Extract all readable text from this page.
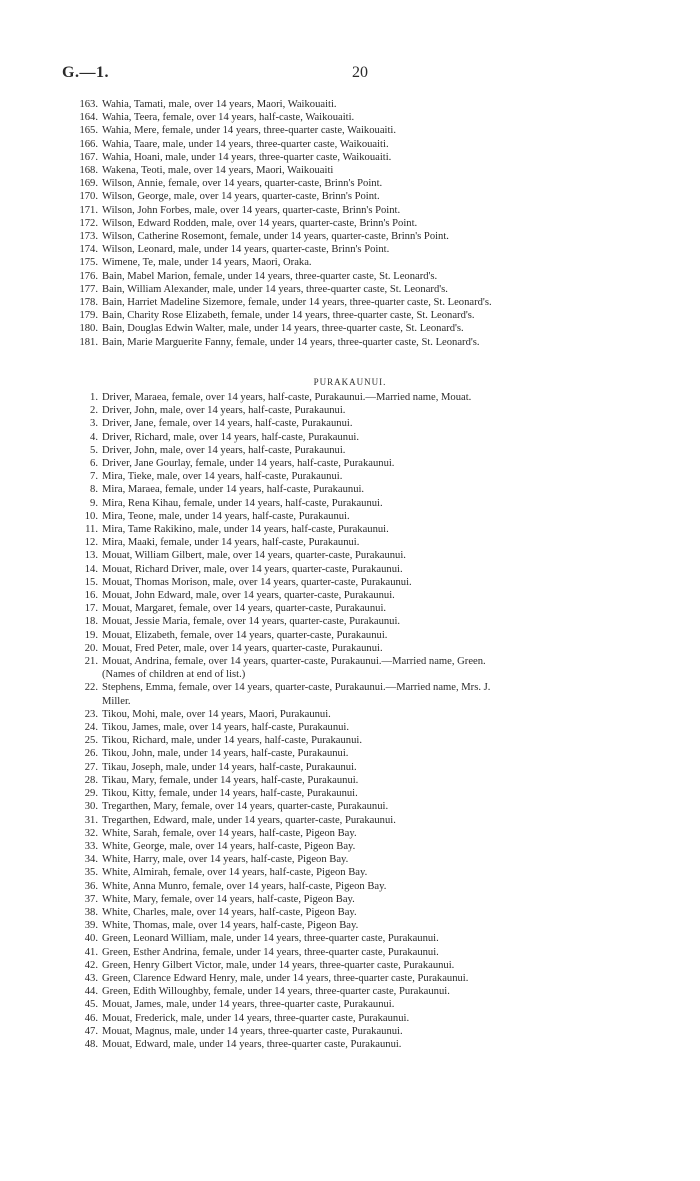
G.—1.	20
163. Wahia, Tamati, male, over 14 years, Maori, Waikouaiti.
164. Wahia, Teera, female, over 14 years, half-caste, Waikouaiti.
165. Wahia, Mere, female, under 14 years, three-quarter caste, Waikouaiti.
166. Wahia, Taare, male, under 14 years, three-quarter caste, Waikouaiti.
167. Wahia, Hoani, male, under 14 years, three-quarter caste, Waikouaiti.
168. Wakena, Teoti, male, over 14 years, Maori, Waikouaiti
169. Wilson, Annie, female, over 14 years, quarter-caste, Brinn's Point.
170. Wilson, George, male, over 14 years, quarter-caste, Brinn's Point.
171. Wilson, John Forbes, male, over 14 years, quarter-caste, Brinn's Point.
172. Wilson, Edward Rodden, male, over 14 years, quarter-caste, Brinn's Point.
173. Wilson, Catherine Rosemont, female, under 14 years, quarter-caste, Brinn's Point.
174. Wilson, Leonard, male, under 14 years, quarter-caste, Brinn's Point.
175. Wimene, Te, male, under 14 years, Maori, Oraka.
176. Bain, Mabel Marion, female, under 14 years, three-quarter caste, St. Leonard's.
177. Bain, William Alexander, male, under 14 years, three-quarter caste, St. Leonard's.
178. Bain, Harriet Madeline Sizemore, female, under 14 years, three-quarter caste, St. Leonard's.
179. Bain, Charity Rose Elizabeth, female, under 14 years, three-quarter caste, St. Leonard's.
180. Bain, Douglas Edwin Walter, male, under 14 years, three-quarter caste, St. Leonard's.
181. Bain, Marie Marguerite Fanny, female, under 14 years, three-quarter caste, St. Leonard's.
PURAKAUNUI.
1. Driver, Maraea, female, over 14 years, half-caste, Purakaunui.—Married name, Mouat.
2. Driver, John, male, over 14 years, half-caste, Purakaunui.
3. Driver, Jane, female, over 14 years, half-caste, Purakaunui.
4. Driver, Richard, male, over 14 years, half-caste, Purakaunui.
5. Driver, John, male, over 14 years, half-caste, Purakaunui.
6. Driver, Jane Gourlay, female, under 14 years, half-caste, Purakaunui.
7. Mira, Tieke, male, over 14 years, half-caste, Purakaunui.
8. Mira, Maraea, female, under 14 years, half-caste, Purakaunui.
9. Mira, Rena Kihau, female, under 14 years, half-caste, Purakaunui.
10. Mira, Teone, male, under 14 years, half-caste, Purakaunui.
11. Mira, Tame Rakikino, male, under 14 years, half-caste, Purakaunui.
12. Mira, Maaki, female, under 14 years, half-caste, Purakaunui.
13. Mouat, William Gilbert, male, over 14 years, quarter-caste, Purakaunui.
14. Mouat, Richard Driver, male, over 14 years, quarter-caste, Purakaunui.
15. Mouat, Thomas Morison, male, over 14 years, quarter-caste, Purakaunui.
16. Mouat, John Edward, male, over 14 years, quarter-caste, Purakaunui.
17. Mouat, Margaret, female, over 14 years, quarter-caste, Purakaunui.
18. Mouat, Jessie Maria, female, over 14 years, quarter-caste, Purakaunui.
19. Mouat, Elizabeth, female, over 14 years, quarter-caste, Purakaunui.
20. Mouat, Fred Peter, male, over 14 years, quarter-caste, Purakaunui.
21. Mouat, Andrina, female, over 14 years, quarter-caste, Purakaunui.—Married name, Green.
(Names of children at end of list.)
22. Stephens, Emma, female, over 14 years, quarter-caste, Purakaunui.—Married name, Mrs. J.
Miller.
23. Tikou, Mohi, male, over 14 years, Maori, Purakaunui.
24. Tikou, James, male, over 14 years, half-caste, Purakaunui.
25. Tikou, Richard, male, under 14 years, half-caste, Purakaunui.
26. Tikou, John, male, under 14 years, half-caste, Purakaunui.
27. Tikau, Joseph, male, under 14 years, half-caste, Purakaunui.
28. Tikau, Mary, female, under 14 years, half-caste, Purakaunui.
29. Tikou, Kitty, female, under 14 years, half-caste, Purakaunui.
30. Tregarthen, Mary, female, over 14 years, quarter-caste, Purakaunui.
31. Tregarthen, Edward, male, under 14 years, quarter-caste, Purakaunui.
32. White, Sarah, female, over 14 years, half-caste, Pigeon Bay.
33. White, George, male, over 14 years, half-caste, Pigeon Bay.
34. White, Harry, male, over 14 years, half-caste, Pigeon Bay.
35. White, Almirah, female, over 14 years, half-caste, Pigeon Bay.
36. White, Anna Munro, female, over 14 years, half-caste, Pigeon Bay.
37. White, Mary, female, over 14 years, half-caste, Pigeon Bay.
38. White, Charles, male, over 14 years, half-caste, Pigeon Bay.
39. White, Thomas, male, over 14 years, half-caste, Pigeon Bay.
40. Green, Leonard William, male, under 14 years, three-quarter caste, Purakaunui.
41. Green, Esther Andrina, female, under 14 years, three-quarter caste, Purakaunui.
42. Green, Henry Gilbert Victor, male, under 14 years, three-quarter caste, Purakaunui.
43. Green, Clarence Edward Henry, male, under 14 years, three-quarter caste, Purakaunui.
44. Green, Edith Willoughby, female, under 14 years, three-quarter caste, Purakaunui.
45. Mouat, James, male, under 14 years, three-quarter caste, Purakaunui.
46. Mouat, Frederick, male, under 14 years, three-quarter caste, Purakaunui.
47. Mouat, Magnus, male, under 14 years, three-quarter caste, Purakaunui.
48. Mouat, Edward, male, under 14 years, three-quarter caste, Purakaunui.
